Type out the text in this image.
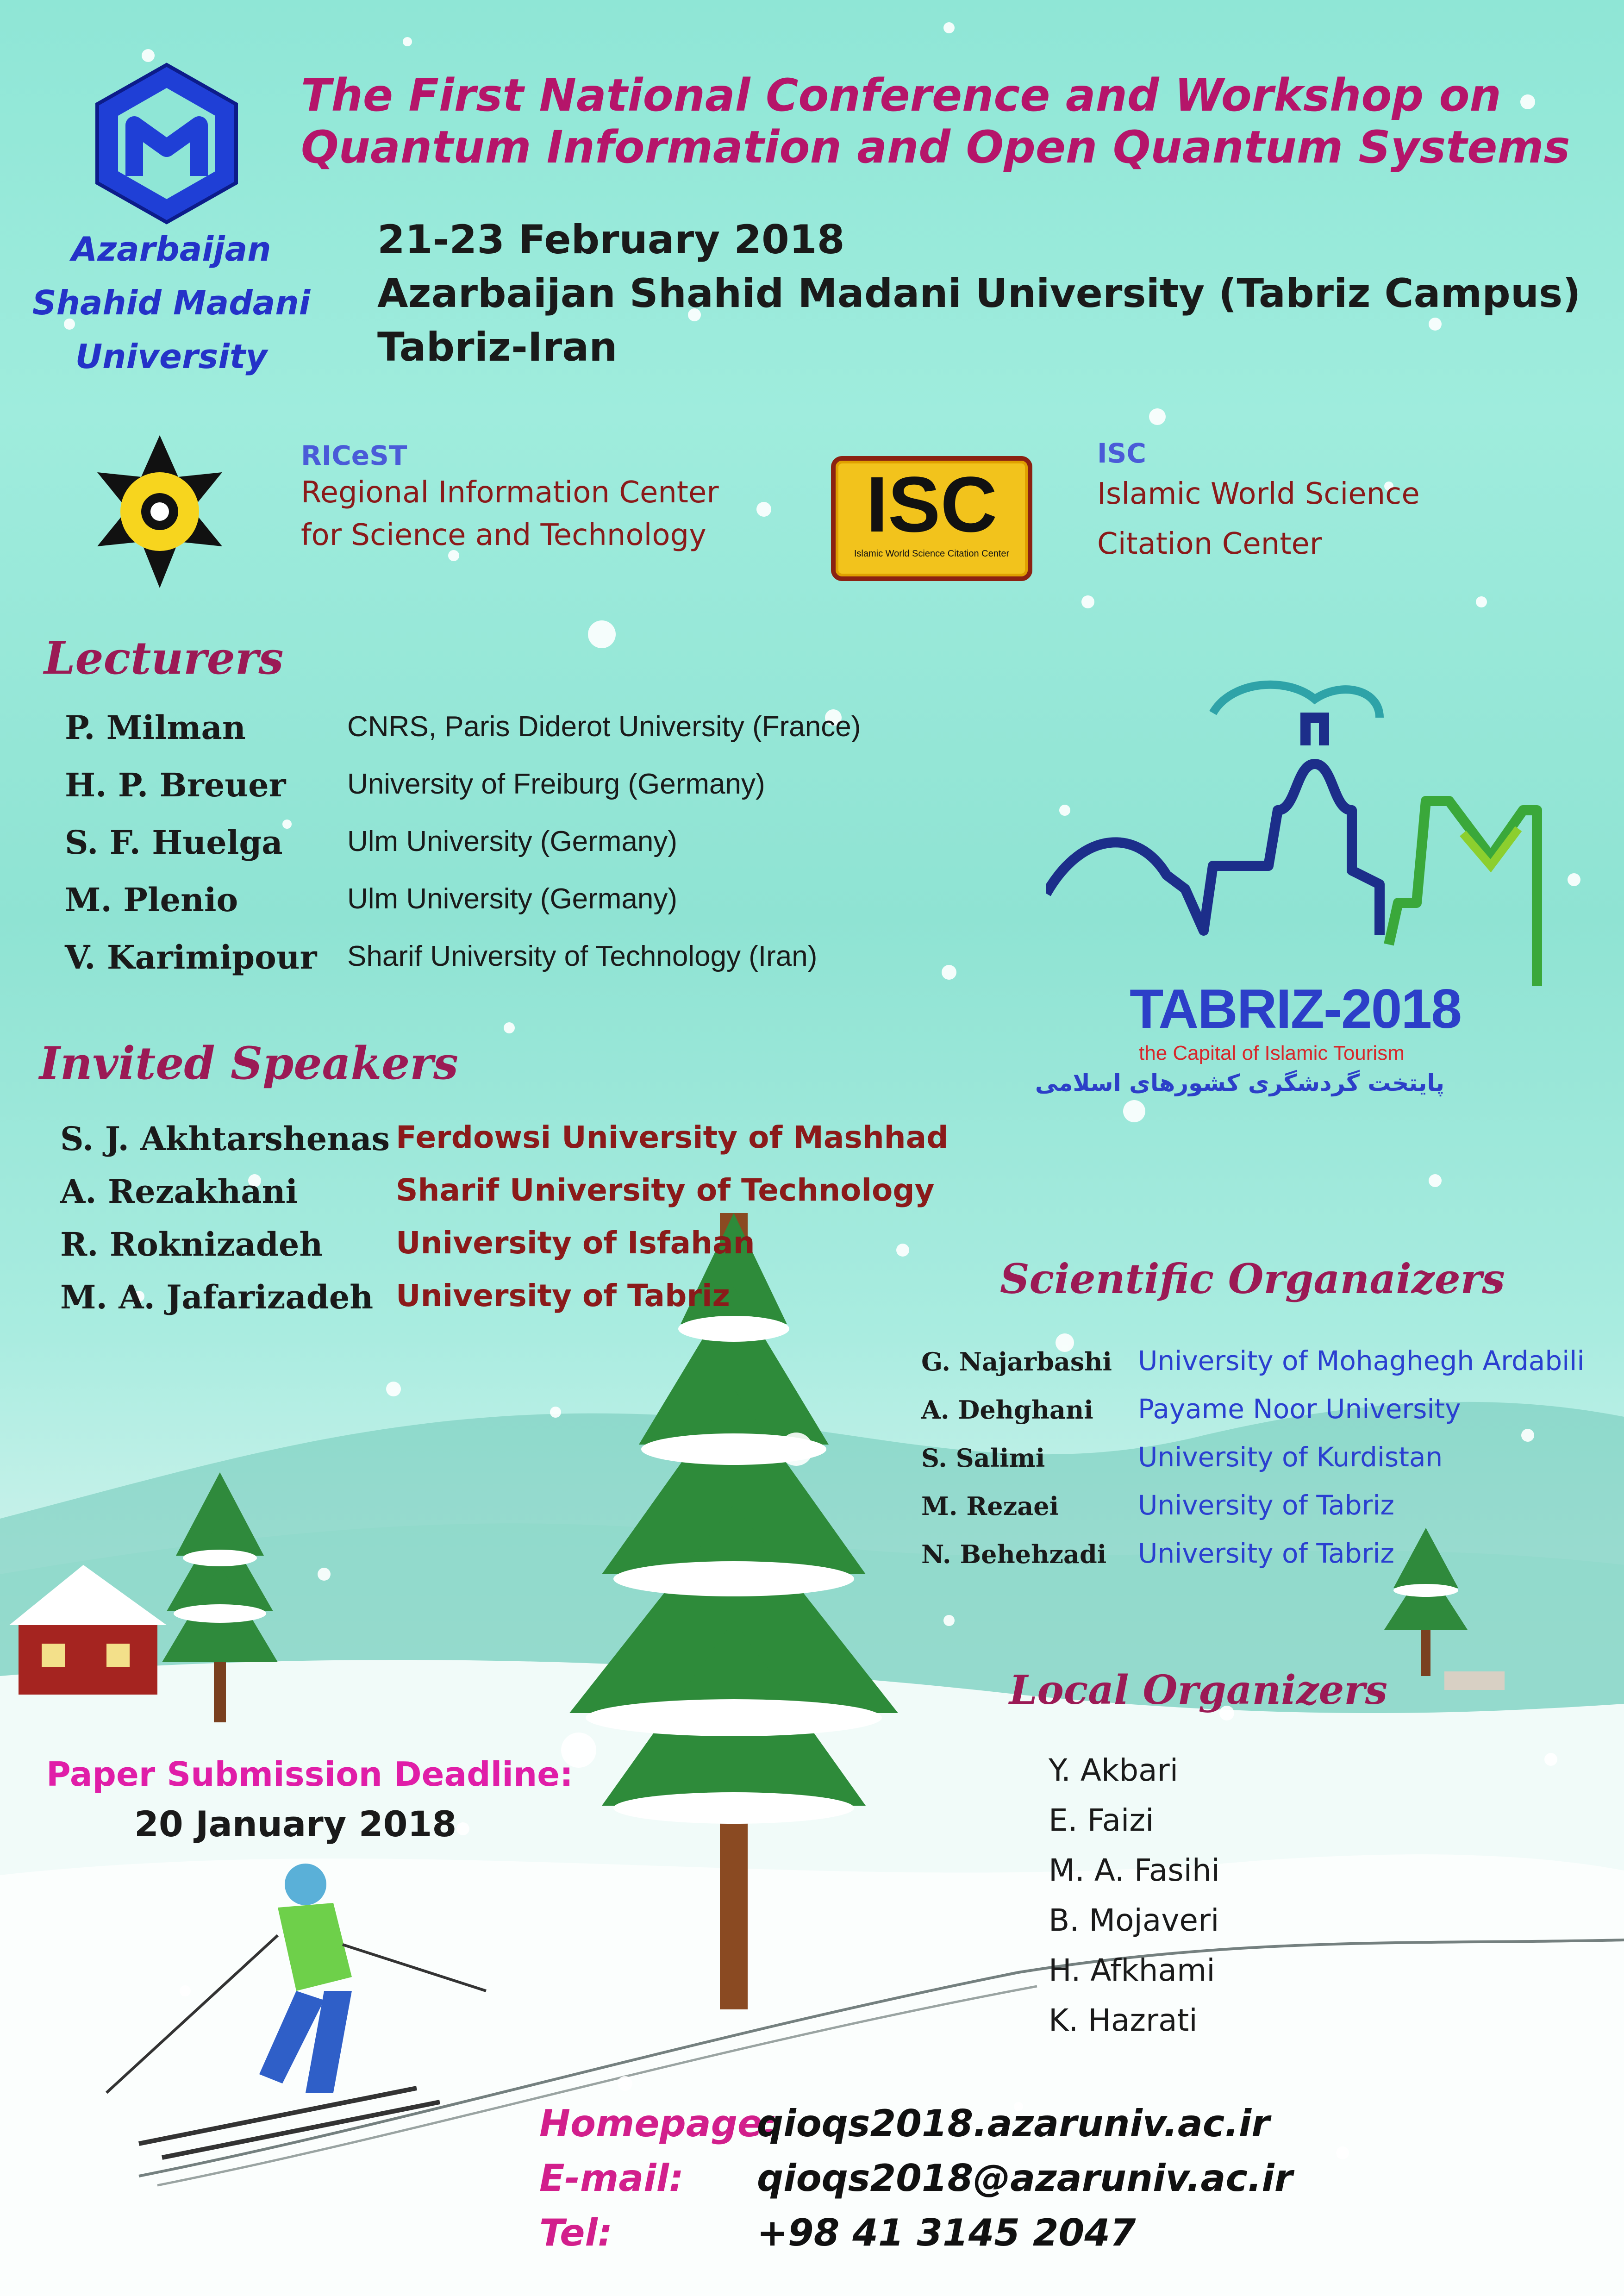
Azarbaijan
Shahid Madani
University
The First National Conference and Workshop on
Quantum Information and Open Quantum Systems
21-23 February 2018
Azarbaijan Shahid Madani University (Tabriz Campus)
Tabriz-Iran
RICeST
Regional Information Center
for Science and Technology	ISC
Islamic World Science Citation Center
ISC
Islamic World Science
Citation Center
Lecturers
P. Milman	CNRS, Paris Diderot University (France)
H. P. Breuer University of Freiburg (Germany)
S. F. Huelga Ulm University (Germany)
M. Plenio	Ulm University (Germany)
V. Karimipour Sharif University of Technology (Iran)
TABRIZ-2018
the Capital of Islamic Tourism
پایتخت گردشگری کشورهای اسلامی
Invited Speakers
S. J. Akhtarshenas Ferdowsi University of Mashhad
A. Rezakhani	Sharif University of Technology
R. Roknizadeh University of Isfahan
M. A. Jafarizadeh University of Tabriz	Scientific Organaizers
G. Najarbashi University of Mohaghegh Ardabili
A. Dehghani Payame Noor University
S. Salimi	University of Kurdistan
M. Rezaei	University of Tabriz
N. Behehzadi University of Tabriz
Local Organizers
Y. Akbari
E. Faizi
M. A. Fasihi
B. Mojaveri
H. Afkhami
K. Hazrati
Paper Submission Deadline:
20 January 2018
Homepage:
qioqs2018.azaruniv.ac.ir
E-mail: qioqs2018@azaruniv.ac.ir
Tel:	+98 41 3145 2047
